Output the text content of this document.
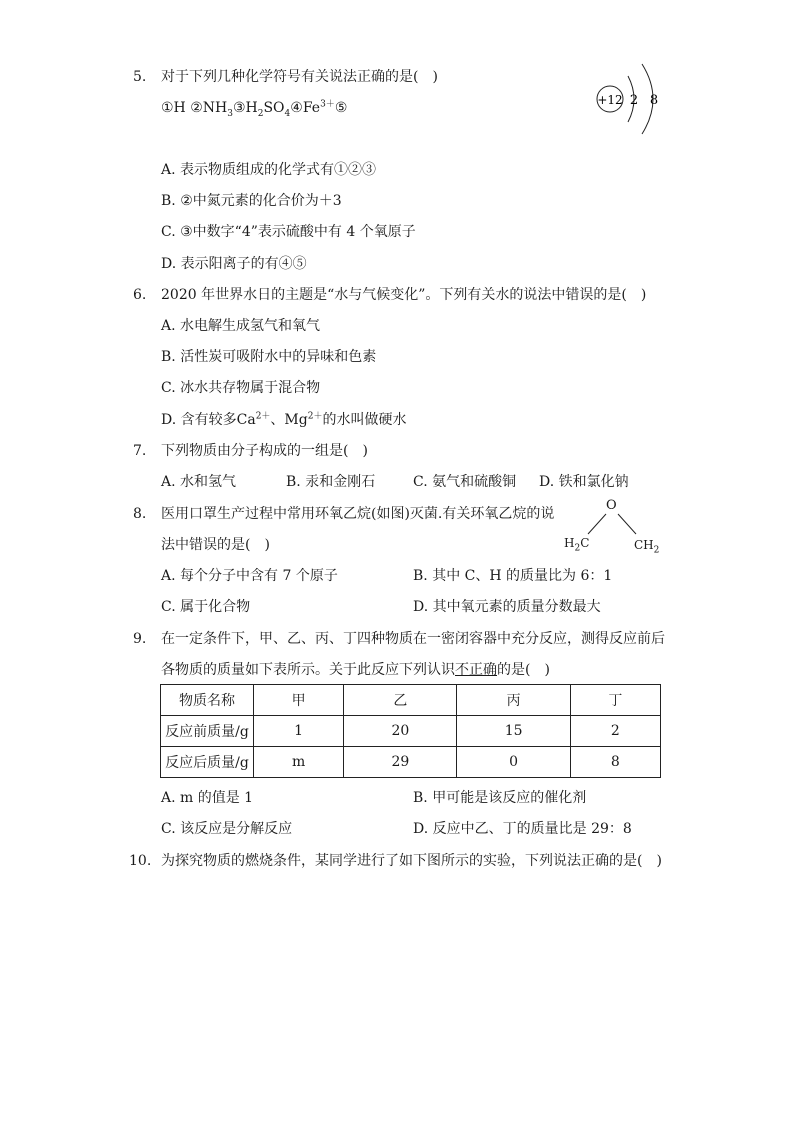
5. 对于下列几种化学符号有关说法正确的是(　)
①H $②NH_3③H_2SO_4④Fe^{3+}⑤$	+12 2 8
A. 表示物质组成的化学式有①②③
B. ②中氮元素的化合价为＋3
C. ③中数字“4”表示硫酸中有 4 个氧原子
D. 表示阳离子的有④⑤
6. 2020 年世界水日的主题是“水与气候变化”。下列有关水的说法中错误的是(　)
A. 水电解生成氢气和氧气
B. 活性炭可吸附水中的异味和色素
C. 冰水共存物属于混合物
D. 含有较多$Ca^{2+}$、$Mg^{2+}$的水叫做硬水
7. 下列物质由分子构成的一组是(　)
A. 水和氢气	B. 汞和金刚石	C. 氨气和硫酸铜 D. 铁和氯化钠
8. 医用口罩生产过程中常用环氧乙烷(如图)灭菌.有关环氧乙烷的说
法中错误的是(　)
O
$H_2C$	$CH_2$
A. 每个分子中含有 7 个原子	B. 其中 C、H 的质量比为 6：1
C. 属于化合物	D. 其中氧元素的质量分数最大
9. 在一定条件下，甲、乙、丙、丁四种物质在一密闭容器中充分反应，测得反应前后
各物质的质量如下表所示。关于此反应下列认识不正确的是(　)
物质名称	甲	乙	丙	丁
反应前质量/g	1	20	15	2
反应后质量/g	m	29	0	8
A. m 的值是 1	B. 甲可能是该反应的催化剂
C. 该反应是分解反应	D. 反应中乙、丁的质量比是 29：8
10. 为探究物质的燃烧条件，某同学进行了如下图所示的实验，下列说法正确的是(　)
